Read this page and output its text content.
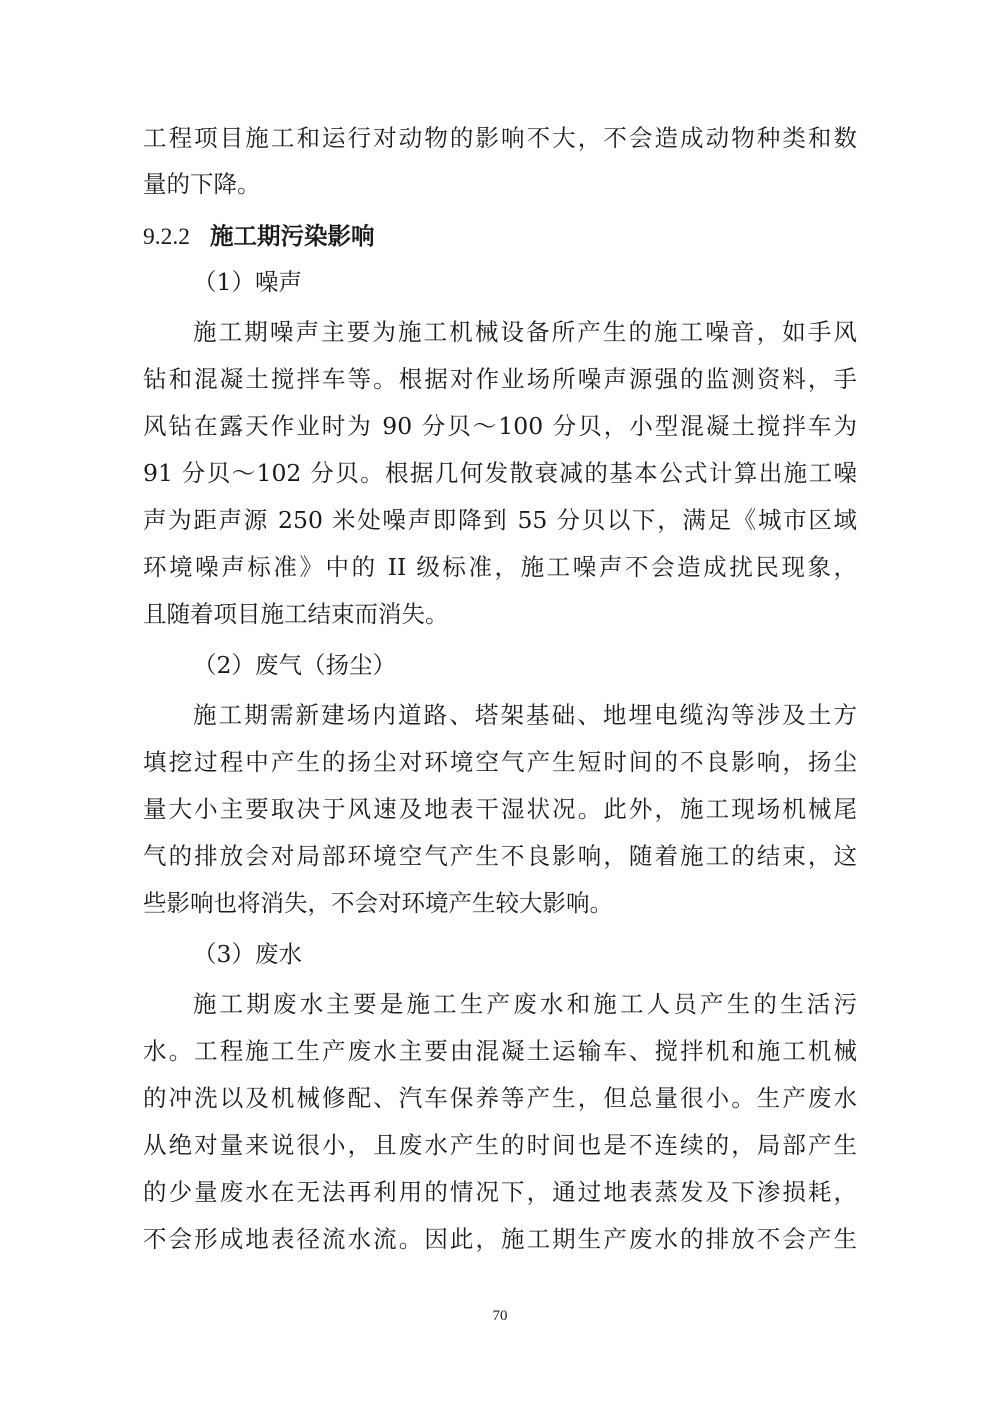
工程项目施工和运行对动物的影响不大，不会造成动物种类和数
量的下降。
9.2.2 施工期污染影响
（1）噪声
施工期噪声主要为施工机械设备所产生的施工噪音，如手风
钻和混凝土搅拌车等。根据对作业场所噪声源强的监测资料，手
风钻在露天作业时为 90 分贝～100 分贝，小型混凝土搅拌车为
91 分贝～102 分贝。根据几何发散衰减的基本公式计算出施工噪
声为距声源 250 米处噪声即降到 55 分贝以下，满足《城市区域
环境噪声标准》中的 II 级标准，施工噪声不会造成扰民现象，
且随着项目施工结束而消失。
（2）废气（扬尘）
施工期需新建场内道路、塔架基础、地埋电缆沟等涉及土方
填挖过程中产生的扬尘对环境空气产生短时间的不良影响，扬尘
量大小主要取决于风速及地表干湿状况。此外，施工现场机械尾
气的排放会对局部环境空气产生不良影响，随着施工的结束，这
些影响也将消失，不会对环境产生较大影响。
（3）废水
施工期废水主要是施工生产废水和施工人员产生的生活污
水。工程施工生产废水主要由混凝土运输车、搅拌机和施工机械
的冲洗以及机械修配、汽车保养等产生，但总量很小。生产废水
从绝对量来说很小，且废水产生的时间也是不连续的，局部产生
的少量废水在无法再利用的情况下，通过地表蒸发及下渗损耗，
不会形成地表径流水流。因此，施工期生产废水的排放不会产生
70
